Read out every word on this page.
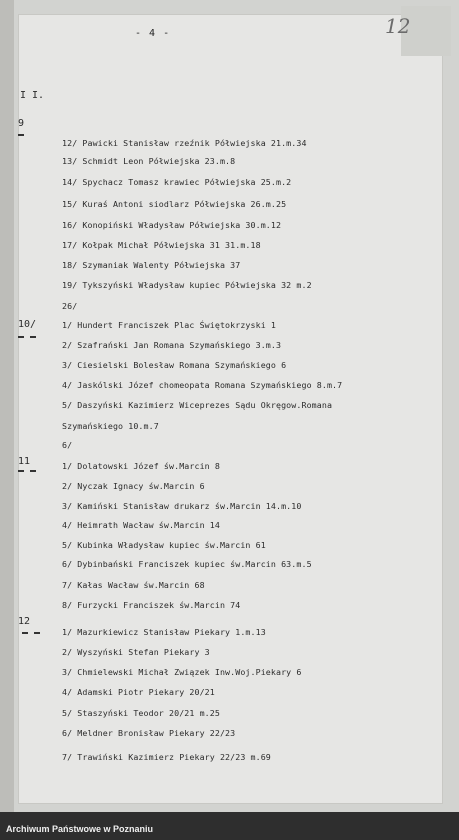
- 4 -	12
I I.
9
12/ Pawicki Stanisław rzeźnik Półwiejska 21.m.34
13/ Schmidt Leon Półwiejska 23.m.8
14/ Spychacz Tomasz krawiec Półwiejska 25.m.2
15/ Kuraś Antoni siodlarz Półwiejska 26.m.25
16/ Konopiński Władysław Półwiejska 30.m.12
17/ Kołpak Michał Półwiejska 31 31.m.18
18/ Szymaniak Walenty Półwiejska 37
19/ Tykszyński Władysław kupiec Półwiejska 32 m.2
26/
10/	1/ Hundert Franciszek Plac Świętokrzyski 1
2/ Szafrański Jan Romana Szymańskiego 3.m.3
3/ Ciesielski Bolesław Romana Szymańskiego 6
4/ Jaskólski Józef chomeopata Romana Szymańskiego 8.m.7
5/ Daszyński Kazimierz Wiceprezes Sądu Okręgow.Romana
Szymańskiego 10.m.7
6/
11	1/ Dolatowski Józef św.Marcin 8
2/ Nyczak Ignacy św.Marcin 6
3/ Kamiński Stanisław drukarz św.Marcin 14.m.10
4/ Heimrath Wacław św.Marcin 14
5/ Kubinka Władysław kupiec św.Marcin 61
6/ Dybinbański Franciszek kupiec św.Marcin 63.m.5
7/ Kałas Wacław św.Marcin 68
8/ Furzycki Franciszek św.Marcin 74
12
1/ Mazurkiewicz Stanisław Piekary 1.m.13
2/ Wyszyński Stefan Piekary 3
3/ Chmielewski Michał Związek Inw.Woj.Piekary 6
4/ Adamski Piotr Piekary 20/21
5/ Staszyński Teodor 20/21 m.25
6/ Meldner Bronisław Piekary 22/23
7/ Trawiński Kazimierz Piekary 22/23 m.69
Archiwum Państwowe w Poznaniu
